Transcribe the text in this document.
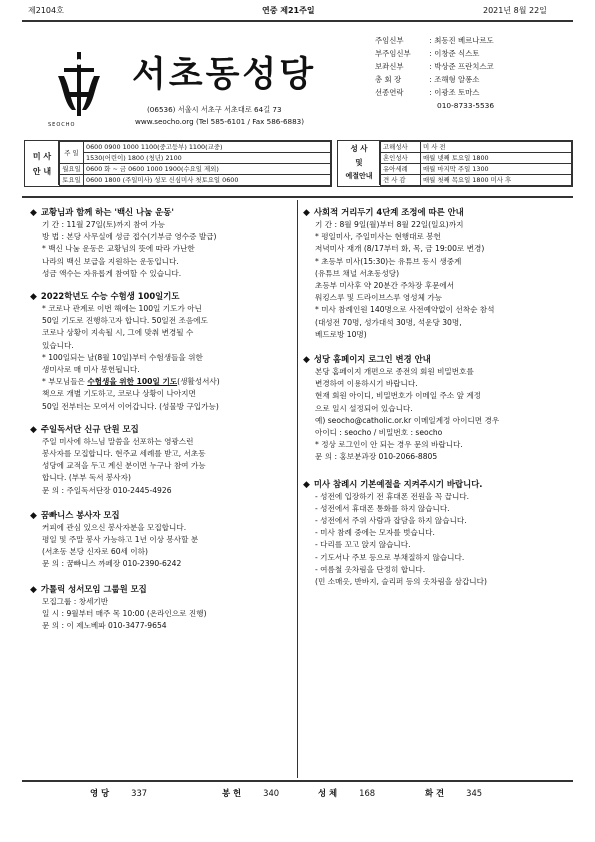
제2104호	연중 제21주일	2021년 8월 22일
SEOCHO
서초동성당
(06536) 서울시 서초구 서초대로 64길 73
www.seocho.org (Tel 585-6101 / Fax 586-6883)
주임신부	: 최동진 베르나르도
부주임신부 : 이창준 식스토
보좌신부	: 박상준 프란치스코
총 회 장	: 조해형 알퐁소
선종연락	: 이광조 토마스
010-8733-5536
미 사
안 내
주 일	0600 0900 1000 1100(중고등부) 1100(교중)
	1530(어린이) 1800 (청년) 2100
월요일	0600 화 ~ 금 0600 1000 1900(수요일 제외)
토요일	0600 1800 (주일미사) 성모 신심미사 첫토요일 0600
성 사
및
예절안내
고해성사	미 사 전
혼인성사	매월 넷째 토요일 1800
유아세례	매월 마지막 주일 1300
견 사 감	매월 첫째 목요일 1800 미사 후
◆ 교황님과 함께 하는 '백신 나눔 운동'
기 간 : 11월 27일(토)까지 참여 가능
방 법 : 본당 사무실에 성금 접수(기부금 영수증 발급)
* 백신 나눔 운동은 교황님의 뜻에 따라 가난한
나라의 백신 보급을 지원하는 운동입니다.
성금 액수는 자유롭게 참여할 수 있습니다.
◆ 2022학년도 수능 수험생 100일기도
* 코로나 관계로 이번 해에는 100일 기도가 아닌
50일 기도로 진행하고자 합니다. 50일전 조음에도
코로나 상황이 지속될 시, 그에 맞춰 변경될 수
있습니다.
* 100일되는 날(8월 10일)부터 수험생들을 위한
생미사로 매 미사 봉헌됩니다.
* 부모님들은 수험생을 위한 100일 기도(생활성서사)
책으로 개별 기도하고, 코로나 상황이 나아지면
50일 전부터는 모여서 이어갑니다. (성물방 구입가능)
◆ 주일독서단 신규 단원 모집
주일 미사에 하느님 말씀을 선포하는 영광스런
봉사자를 모집합니다. 현주교 세례를 받고, 서초동
성당에 교적을 두고 계신 분이면 누구나 참여 가능
합니다. (부부 독서 봉사자)
문 의 : 주일독서단장 010-2445-4926
◆ 꿈빠니스 봉사자 모집
커피에 관심 있으신 봉사자분을 모집합니다.
평일 및 주말 봉사 가능하고 1년 이상 봉사할 분
(서초동 본당 신자로 60세 이하)
문 의 : 꿈빠니스 까페장 010-2390-6242
◆ 가톨릭 성서모임 그룹원 모집
모집그룹 : 창세기반
일 시 : 9월부터 매주 목 10:00 (온라인으로 진행)
문 의 : 이 제노베파 010-3477-9654
◆ 사회적 거리두기 4단계 조정에 따른 안내
기 간 : 8월 9일(월)부터 8월 22일(일요)까지
* 평일미사, 주일미사는 현행대로 봉헌
저녁미사 재개 (8/17부터 화, 목, 금 19:00로 변경)
* 초등부 미사(15:30)는 유튜브 동시 생중계
(유튜브 채널 서초동성당)
초등부 미사후 약 20분간 주차장 후문에서
워킹스루 및 드라이브스루 영성체 가능
* 미사 참례인원 140명으로 사전예약없이 선착순 참석
(대성전 70명, 성가대석 30명, 석운당 30명,
베드로방 10명)
◆ 성당 홈페이지 로그인 변경 안내
본당 홈페이지 개편으로 종전의 회원 비밀번호를
변경하여 이용하시기 바랍니다.
현재 회원 아이디, 비밀번호가 이메일 주소 앞 계정
으로 일시 설정되어 있습니다.
예) seocho@catholic.or.kr 이메일계정 아이디면 경우
아이디 : seocho / 비밀번호 : seocho
* 정상 로그인이 안 되는 경우 문의 바랍니다.
문 의 : 홍보분과장 010-2066-8805
◆ 미사 참례시 기본예절을 지켜주시기 바랍니다.
- 성전에 입장하기 전 휴대폰 전원을 꼭 끕니다.
- 성전에서 휴대폰 통화를 하지 않습니다.
- 성전에서 주위 사람과 잡담을 하지 않습니다.
- 미사 참례 중에는 모자를 벗습니다.
- 다리를 꼬고 앉지 않습니다.
- 기도서나 주보 등으로 부채질하지 않습니다.
- 여름철 옷차림을 단정히 합니다.
(민 소매옷, 반바지, 슬리퍼 등의 옷차림을 삼갑니다)
영 당	337	봉 헌	340	성 체	168	화 견	345
